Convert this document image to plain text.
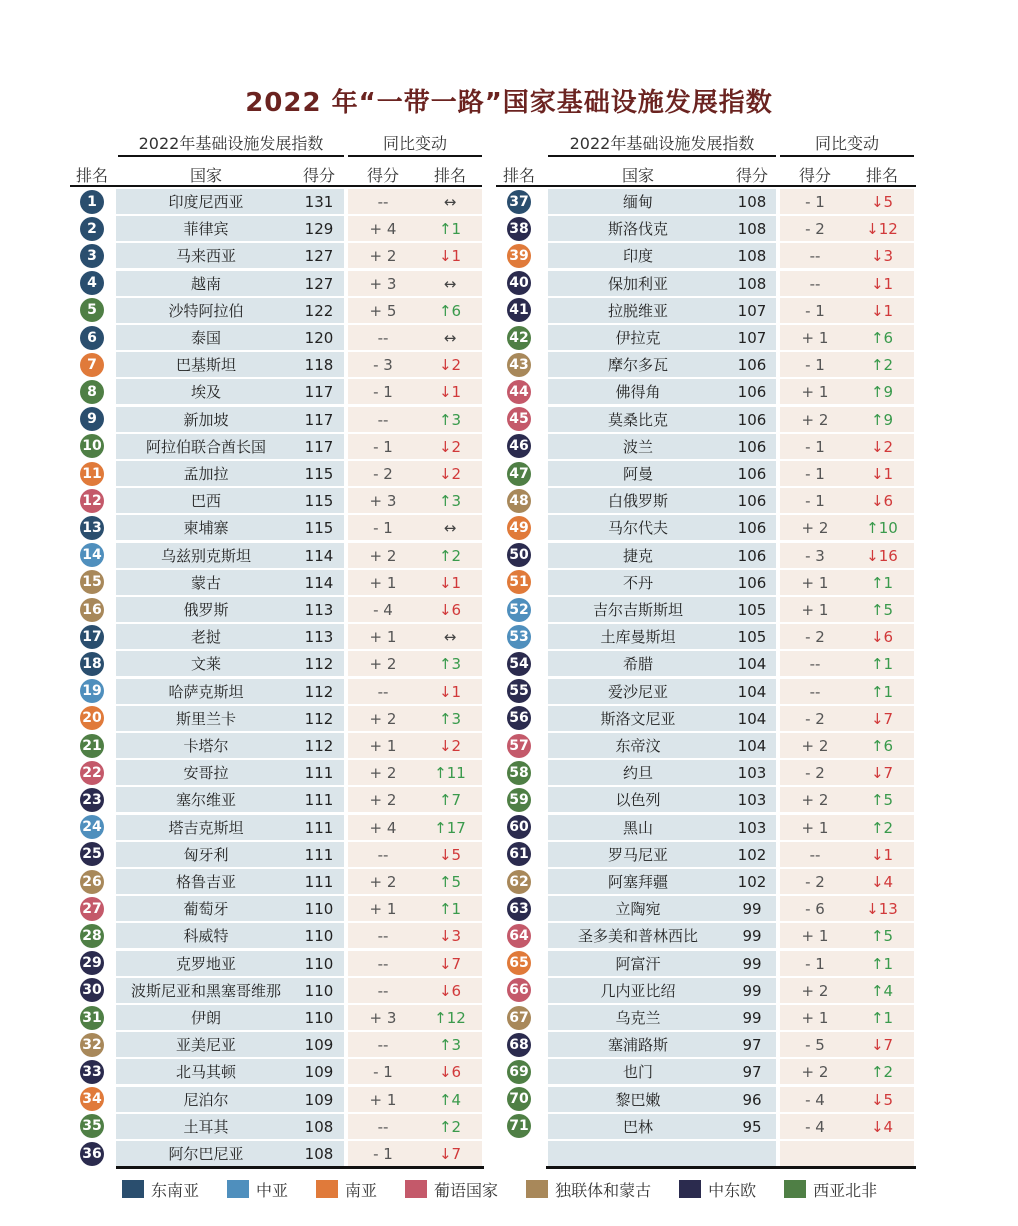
2022 年“一带一路”国家基础设施发展指数
2022年基础设施发展指数	同比变动
排名	国家	得分	得分	排名
2022年基础设施发展指数	同比变动
排名	国家	得分	得分	排名
1	印度尼西亚	131	--	↔
2	菲律宾	129	+ 4	↑1
3	马来西亚	127	+ 2	↓1
4	越南	127	+ 3	↔
5	沙特阿拉伯	122	+ 5	↑6
6	泰国	120	--	↔
7	巴基斯坦	118	- 3	↓2
8	埃及	117	- 1	↓1
9	新加坡	117	--	↑3
10	阿拉伯联合酋长国	117	- 1	↓2
11	孟加拉	115	- 2	↓2
12	巴西	115	+ 3	↑3
13	柬埔寨	115	- 1	↔
14	乌兹别克斯坦	114	+ 2	↑2
15	蒙古	114	+ 1	↓1
16	俄罗斯	113	- 4	↓6
17	老挝	113	+ 1	↔
18	文莱	112	+ 2	↑3
19	哈萨克斯坦	112	--	↓1
20	斯里兰卡	112	+ 2	↑3
21	卡塔尔	112	+ 1	↓2
22	安哥拉	111	+ 2	↑11
23	塞尔维亚	111	+ 2	↑7
24	塔吉克斯坦	111	+ 4	↑17
25	匈牙利	111	--	↓5
26	格鲁吉亚	111	+ 2	↑5
27	葡萄牙	110	+ 1	↑1
28	科威特	110	--	↓3
29	克罗地亚	110	--	↓7
30	波斯尼亚和黑塞哥维那	110	--	↓6
31	伊朗	110	+ 3	↑12
32	亚美尼亚	109	--	↑3
33	北马其顿	109	- 1	↓6
34	尼泊尔	109	+ 1	↑4
35	土耳其	108	--	↑2
36	阿尔巴尼亚	108	- 1	↓7
37	缅甸	108	- 1	↓5
38	斯洛伐克	108	- 2	↓12
39	印度	108	--	↓3
40	保加利亚	108	--	↓1
41	拉脱维亚	107	- 1	↓1
42	伊拉克	107	+ 1	↑6
43	摩尔多瓦	106	- 1	↑2
44	佛得角	106	+ 1	↑9
45	莫桑比克	106	+ 2	↑9
46	波兰	106	- 1	↓2
47	阿曼	106	- 1	↓1
48	白俄罗斯	106	- 1	↓6
49	马尔代夫	106	+ 2	↑10
50	捷克	106	- 3	↓16
51	不丹	106	+ 1	↑1
52	吉尔吉斯斯坦	105	+ 1	↑5
53	土库曼斯坦	105	- 2	↓6
54	希腊	104	--	↑1
55	爱沙尼亚	104	--	↑1
56	斯洛文尼亚	104	- 2	↓7
57	东帝汶	104	+ 2	↑6
58	约旦	103	- 2	↓7
59	以色列	103	+ 2	↑5
60	黑山	103	+ 1	↑2
61	罗马尼亚	102	--	↓1
62	阿塞拜疆	102	- 2	↓4
63	立陶宛	99	- 6	↓13
64	圣多美和普林西比	99	+ 1	↑5
65	阿富汗	99	- 1	↑1
66	几内亚比绍	99	+ 2	↑4
67	乌克兰	99	+ 1	↑1
68	塞浦路斯	97	- 5	↓7
69	也门	97	+ 2	↑2
70	黎巴嫩	96	- 4	↓5
71	巴林	95	- 4	↓4
东南亚	中亚	南亚	葡语国家	独联体和蒙古	中东欧	西亚北非
